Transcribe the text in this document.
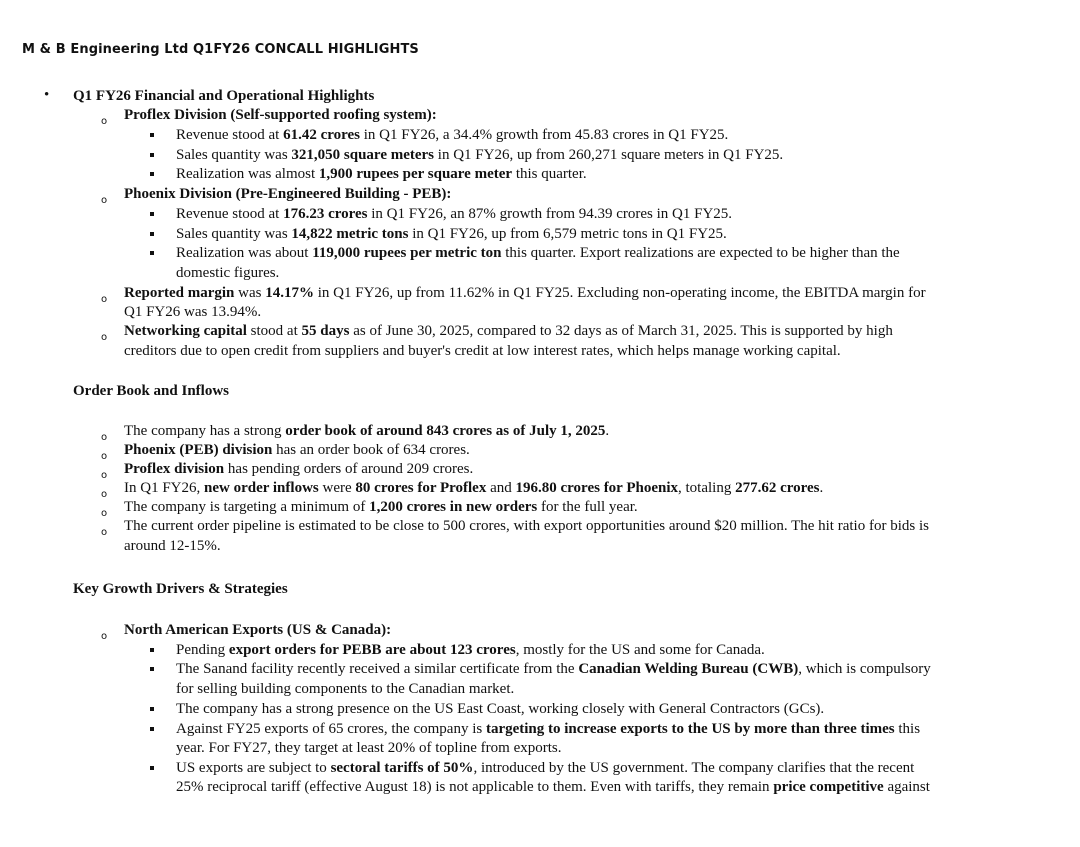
M & B Engineering Ltd Q1FY26 CONCALL HIGHLIGHTS
• Q1 FY26 Financial and Operational Highlights
o Proflex Division (Self-supported roofing system):
Revenue stood at 61.42 crores in Q1 FY26, a 34.4% growth from 45.83 crores in Q1 FY25.
Sales quantity was 321,050 square meters in Q1 FY26, up from 260,271 square meters in Q1 FY25.
Realization was almost 1,900 rupees per square meter this quarter.
o Phoenix Division (Pre-Engineered Building - PEB):
Revenue stood at 176.23 crores in Q1 FY26, an 87% growth from 94.39 crores in Q1 FY25.
Sales quantity was 14,822 metric tons in Q1 FY26, up from 6,579 metric tons in Q1 FY25.
Realization was about 119,000 rupees per metric ton this quarter. Export realizations are expected to be higher than the
domestic figures.
o Reported margin was 14.17% in Q1 FY26, up from 11.62% in Q1 FY25. Excluding non-operating income, the EBITDA margin for
Q1 FY26 was 13.94%.
o Networking capital stood at 55 days as of June 30, 2025, compared to 32 days as of March 31, 2025. This is supported by high
creditors due to open credit from suppliers and buyer's credit at low interest rates, which helps manage working capital.
Order Book and Inflows
o The company has a strong order book of around 843 crores as of July 1, 2025.
o Phoenix (PEB) division has an order book of 634 crores.
o Proflex division has pending orders of around 209 crores.
o In Q1 FY26, new order inflows were 80 crores for Proflex and 196.80 crores for Phoenix, totaling 277.62 crores.
o The company is targeting a minimum of 1,200 crores in new orders for the full year.
o The current order pipeline is estimated to be close to 500 crores, with export opportunities around $20 million. The hit ratio for bids is
around 12-15%.
Key Growth Drivers & Strategies
o North American Exports (US & Canada):
Pending export orders for PEBB are about 123 crores, mostly for the US and some for Canada.
The Sanand facility recently received a similar certificate from the Canadian Welding Bureau (CWB), which is compulsory
for selling building components to the Canadian market.
The company has a strong presence on the US East Coast, working closely with General Contractors (GCs).
Against FY25 exports of 65 crores, the company is targeting to increase exports to the US by more than three times this
year. For FY27, they target at least 20% of topline from exports.
US exports are subject to sectoral tariffs of 50%, introduced by the US government. The company clarifies that the recent
25% reciprocal tariff (effective August 18) is not applicable to them. Even with tariffs, they remain price competitive against
